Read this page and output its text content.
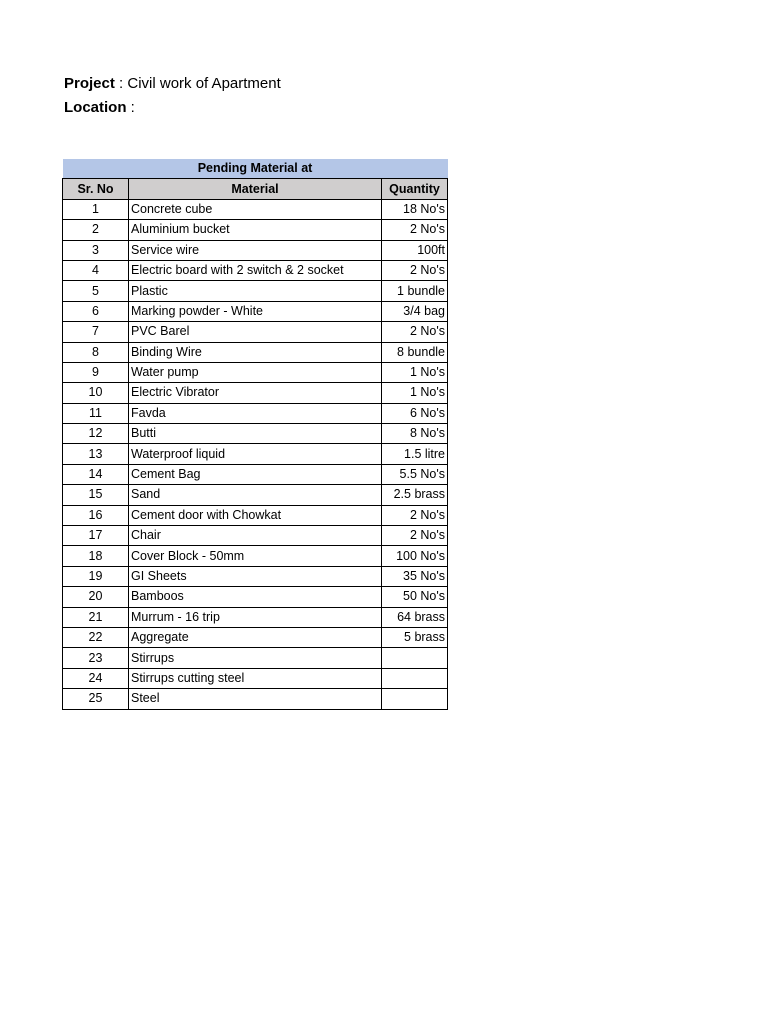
Project : Civil work of Apartment
Location :
Pending Material at		
Sr. No	Material	Quantity
1	Concrete cube	18 No's
2	Aluminium bucket	2 No's
3	Service wire	100ft
4	Electric board with 2 switch & 2 socket	2 No's
5	Plastic	1 bundle
6	Marking powder - White	3/4 bag
7	PVC Barel	2 No's
8	Binding Wire	8 bundle
9	Water pump	1 No's
10	Electric Vibrator	1 No's
11	Favda	6 No's
12	Butti	8 No's
13	Waterproof liquid	1.5 litre
14	Cement Bag	5.5 No's
15	Sand	2.5 brass
16	Cement door with Chowkat	2 No's
17	Chair	2 No's
18	Cover Block - 50mm	100 No's
19	GI Sheets	35 No's
20	Bamboos	50 No's
21	Murrum - 16 trip	64 brass
22	Aggregate	5 brass
23	Stirrups	
24	Stirrups cutting steel	
25	Steel	
